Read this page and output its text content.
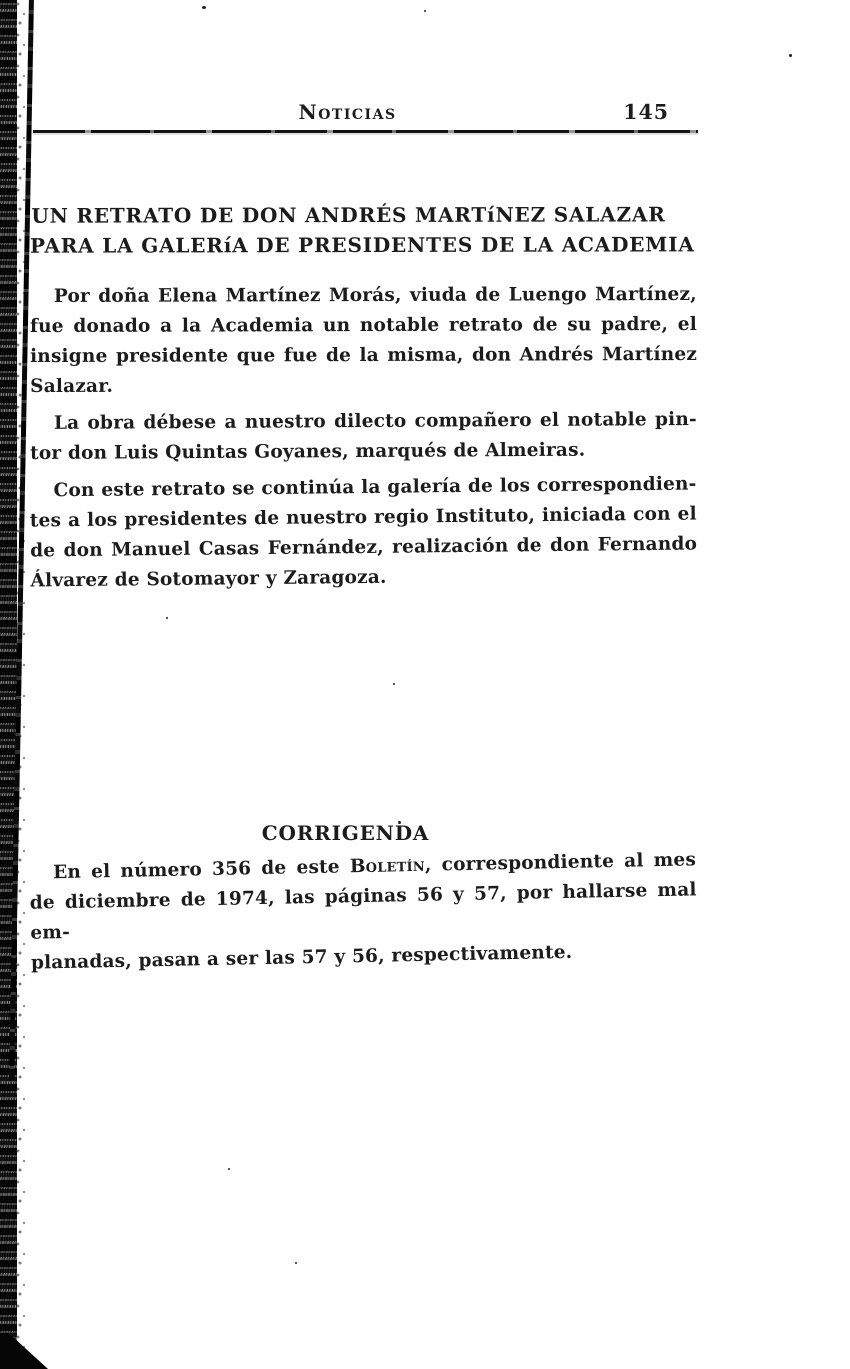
Noticias	145
UN RETRATO DE DON ANDRÉS MARTíNEZ SALAZAR
PARA LA GALERíA DE PRESIDENTES DE LA ACADEMIA

Por doña Elena Martínez Morás, viuda de Luengo Martínez,
fue donado a la Academia un notable retrato de su padre, el
insigne presidente que fue de la misma, don Andrés Martínez
Salazar.

La obra débese a nuestro dilecto compañero el notable pin-
tor don Luis Quintas Goyanes, marqués de Almeiras.

Con este retrato se continúa la galería de los correspondien-
tes a los presidentes de nuestro regio Instituto, iniciada con el
de don Manuel Casas Fernández, realización de don Fernando
Álvarez de Sotomayor y Zaragoza.

CORRIGENDA

En el número 356 de este Boletín, correspondiente al mes
de diciembre de 1974, las páginas 56 y 57, por hallarse mal em-
planadas, pasan a ser las 57 y 56, respectivamente.
